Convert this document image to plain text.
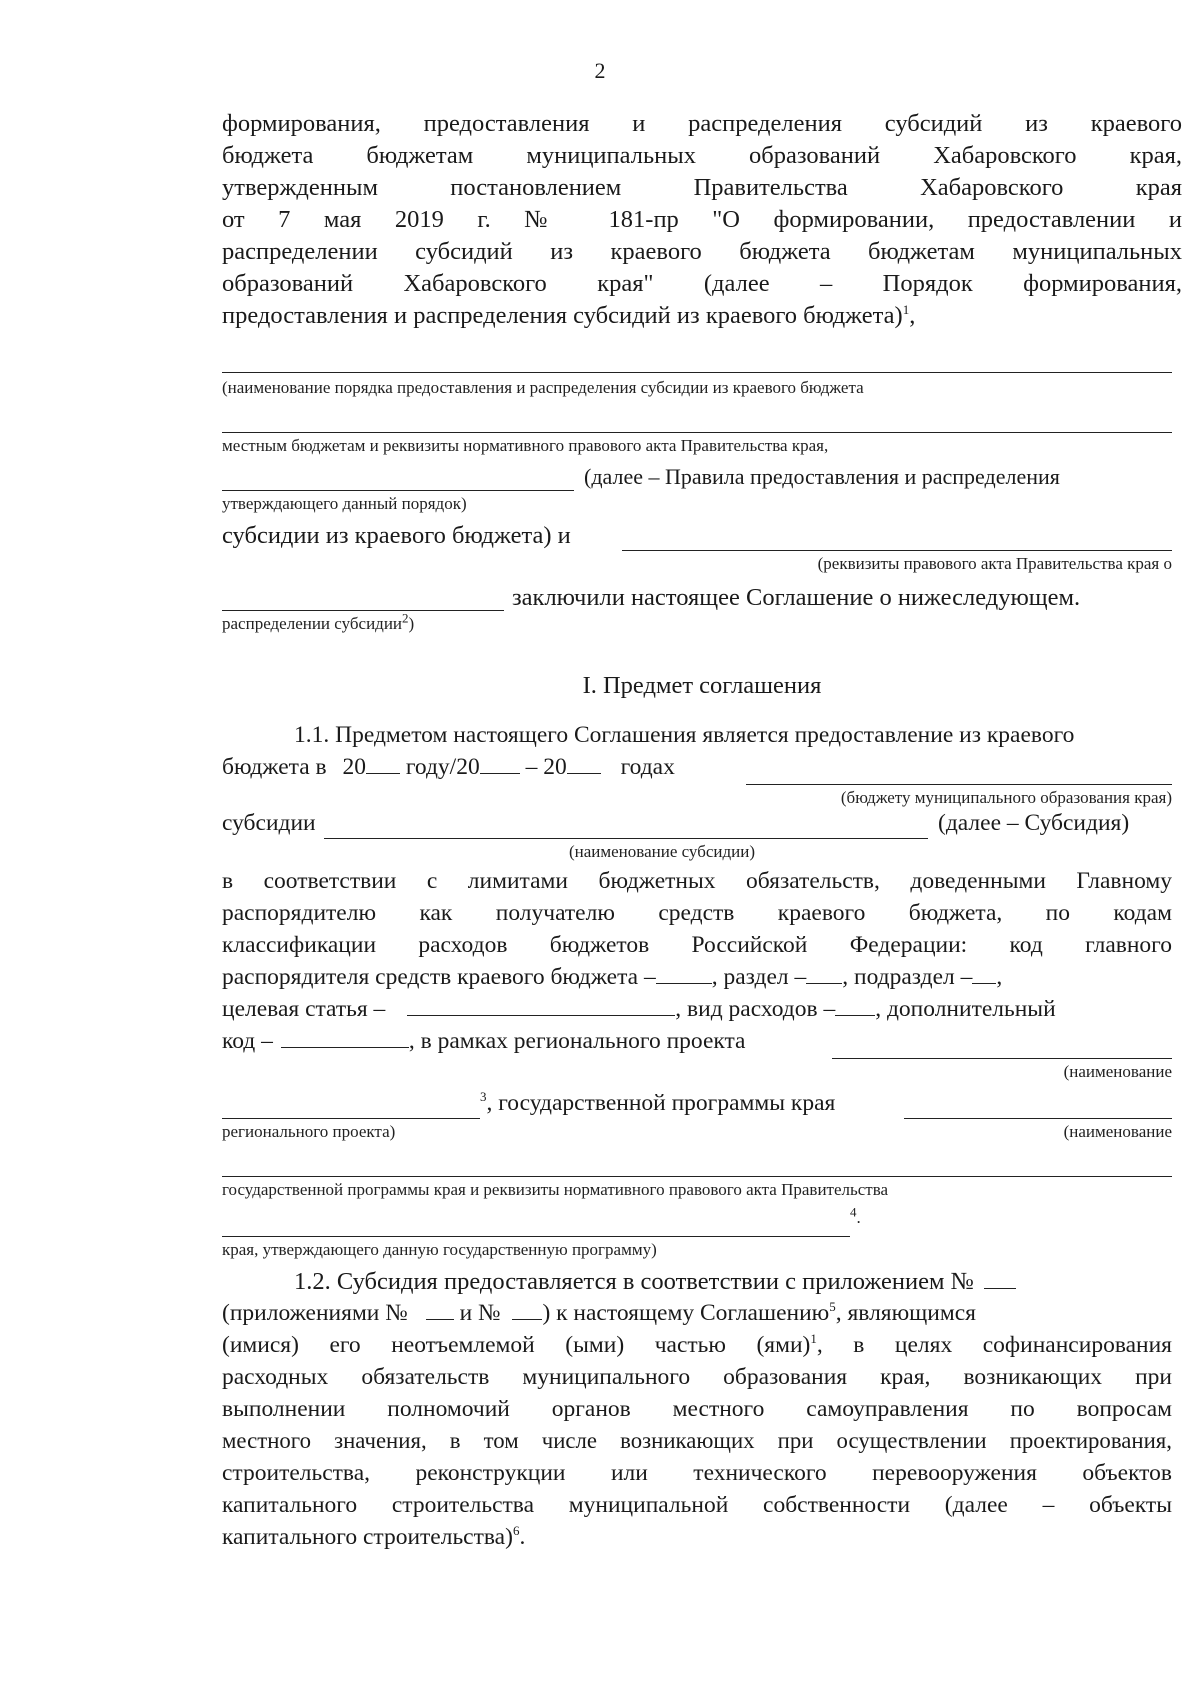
2
формирования, предоставления и распределения субсидий из краевого
бюджета бюджетам муниципальных образований Хабаровского края,
утвержденным постановлением Правительства Хабаровского края
от 7 мая 2019 г. № 181-пр "О формировании, предоставлении и
распределении субсидий из краевого бюджета бюджетам муниципальных
образований Хабаровского края" (далее – Порядок формирования,
предоставления и распределения субсидий из краевого бюджета)$^1$,
(наименование порядка предоставления и распределения субсидии из краевого бюджета
местным бюджетам и реквизиты нормативного правового акта Правительства края,
(далее – Правила предоставления и распределения
утверждающего данный порядок)
субсидии из краевого бюджета) и
(реквизиты правового акта Правительства края о
заключили настоящее Соглашение о нижеследующем.
распределении субсидии$^2$)
I. Предмет соглашения
1.1. Предметом настоящего Соглашения является предоставление из краевого
бюджета в 20 году/20 – 20 годах
(бюджету муниципального образования края)
субсидии	(далее – Субсидия)
(наименование субсидии)
в соответствии с лимитами бюджетных обязательств, доведенными Главному
распорядителю как получателю средств краевого бюджета, по кодам
классификации расходов бюджетов Российской Федерации: код главного
распорядителя средств краевого бюджета – , раздел – , подраздел – ,
целевая статья –	, вид расходов – , дополнительный
код –	, в рамках регионального проекта
(наименование
$^3$, государственной программы края
регионального проекта)	(наименование
государственной программы края и реквизиты нормативного правового акта Правительства
$^4$.
края, утверждающего данную государственную программу)
1.2. Субсидия предоставляется в соответствии с приложением №
(приложениями № и № ) к настоящему Соглашению$^5$, являющимся
(имися) его неотъемлемой (ыми) частью (ями)$^1$, в целях софинансирования
расходных обязательств муниципального образования края, возникающих при
выполнении полномочий органов местного самоуправления по вопросам
местного значения, в том числе возникающих при осуществлении проектирования,
строительства, реконструкции или технического перевооружения объектов
капитального строительства муниципальной собственности (далее – объекты
капитального строительства)$^6$.
